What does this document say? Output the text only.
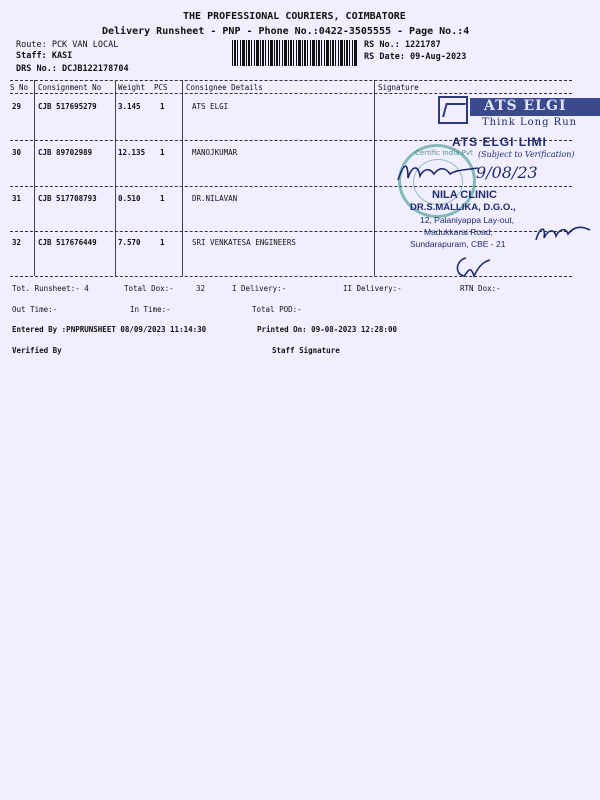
THE PROFESSIONAL COURIERS, COIMBATORE
Delivery Runsheet - PNP - Phone No.:0422-3505555 - Page No.:4
Route: PCK VAN LOCAL
Staff: KASI
DRS No.: DCJB122178704
RS No.: 1221787
RS Date: 09-Aug-2023
S No Consignment No Weight PCS Consignee Details	Signature
29 CJB 517695279	3.145	1	ATS ELGI
30 CJB 89702989	12.135 1	MANOJKUMAR
31 CJB 517708793	0.510	1	DR.NILAVAN
32 CJB 517676449	7.570	1	SRI VENKATESA ENGINEERS
Tot. Runsheet:- 4	Total Dox:-	32	I Delivery:-	II Delivery:-	RTN Dox:-
Out Time:-	In Time:-	Total POD:-
Entered By :PNPRUNSHEET 08/09/2023 11:14:30	Printed On: 09-08-2023 12:28:00
Verified By	Staff Signature
ATS ELGI
Think Long Run
ATS ELGI LIMI
(Subject to Verification)
Certific India Pvt
9/08/23
NILA CLINIC
DR.S.MALLIKA, D.G.O.,
12, Palaniyappa Lay-out,
Madukkarai Road,
Sundarapuram, CBE - 21
